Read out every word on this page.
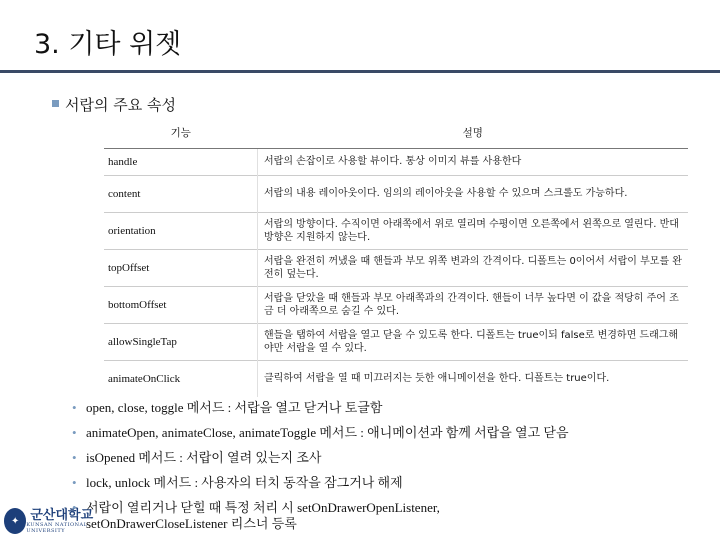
3. 기타 위젯
서랍의 주요 속성
기능	설명
handle	서랍의 손잡이로 사용할 뷰이다. 통상 이미지 뷰를 사용한다
content	서랍의 내용 레이아웃이다. 임의의 레이아웃을 사용할 수 있으며 스크롤도 가능하다.
orientation	서랍의 방향이다. 수직이면 아래쪽에서 위로 열리며 수평이면 오른쪽에서 왼쪽으로 열린다. 반대 방향은 지원하지 않는다.
topOffset	서랍을 완전히 꺼냈을 때 핸들과 부모 위쪽 변과의 간격이다. 디폴트는 0이어서 서랍이 부모를 완전히 덮는다.
bottomOffset	서랍을 닫았을 때 핸들과 부모 아래쪽과의 간격이다. 핸들이 너무 높다면 이 값을 적당히 주어 조금 더 아래쪽으로 숨길 수 있다.
allowSingleTap	핸들을 탭하여 서랍을 열고 닫을 수 있도록 한다. 디폴트는 true이되 false로 변경하면 드래그해야만 서랍을 열 수 있다.
animateOnClick	클릭하여 서랍을 열 때 미끄러지는 듯한 애니메이션을 한다. 디폴트는 true이다.
• open, close, toggle 메서드 : 서랍을 열고 닫거나 토글함
• animateOpen, animateClose, animateToggle 메서드 : 애니메이션과 함께 서랍을 열고 닫음
• isOpened 메서드 : 서랍이 열려 있는지 조사
• lock, unlock 메서드 : 사용자의 터치 동작을 잠그거나 해제
• 서랍이 열리거나 닫힐 때 특정 처리 시 setOnDrawerOpenListener, setOnDrawerCloseListener 리스너 등록
✦ 군산대학교
KUNSAN NATIONAL UNIVERSITY
